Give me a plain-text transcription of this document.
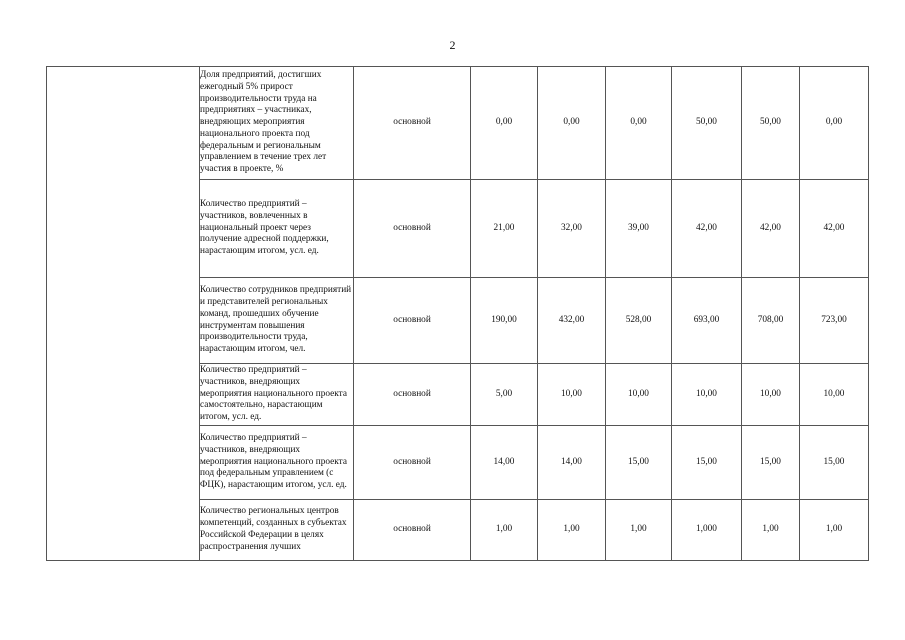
2
	Доля предприятий, достигших ежегодный 5% прирост производительности труда на предприятиях – участниках, внедряющих мероприятия национального проекта под федеральным и региональным управлением в течение трех лет участия в проекте, %	основной	0,00	0,00	0,00	50,00	50,00	0,00
	Количество предприятий – участников, вовлеченных в национальный проект через получение адресной поддержки, нарастающим итогом, усл. ед.	основной	21,00	32,00	39,00	42,00	42,00	42,00
	Количество сотрудников предприятий и представителей региональных команд, прошедших обучение инструментам повышения производительности труда, нарастающим итогом, чел.	основной	190,00	432,00	528,00	693,00	708,00	723,00
	Количество предприятий – участников, внедряющих мероприятия национального проекта самостоятельно, нарастающим итогом, усл. ед.	основной	5,00	10,00	10,00	10,00	10,00	10,00
	Количество предприятий – участников, внедряющих мероприятия национального проекта под федеральным управлением (с ФЦК), нарастающим итогом, усл. ед.	основной	14,00	14,00	15,00	15,00	15,00	15,00
	Количество региональных центров компетенций, созданных в субъектах Российской Федерации в целях распространения лучших	основной	1,00	1,00	1,00	1,000	1,00	1,00
